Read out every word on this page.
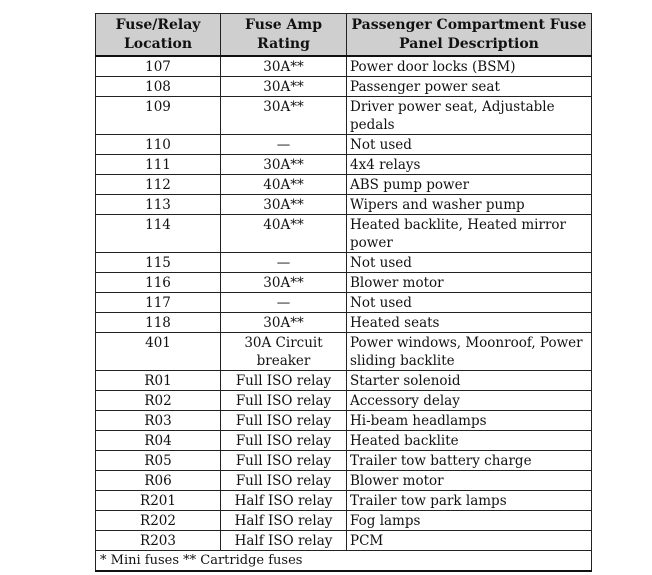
Fuse/Relay Location	Fuse Amp Rating	Passenger Compartment Fuse Panel Description
107	30A**	Power door locks (BSM)
108	30A**	Passenger power seat
109	30A**	Driver power seat, Adjustable pedals
110	—	Not used
111	30A**	4x4 relays
112	40A**	ABS pump power
113	30A**	Wipers and washer pump
114	40A**	Heated backlite, Heated mirror power
115	—	Not used
116	30A**	Blower motor
117	—	Not used
118	30A**	Heated seats
401	30A Circuit breaker	Power windows, Moonroof, Power sliding backlite
R01	Full ISO relay	Starter solenoid
R02	Full ISO relay	Accessory delay
R03	Full ISO relay	Hi-beam headlamps
R04	Full ISO relay	Heated backlite
R05	Full ISO relay	Trailer tow battery charge
R06	Full ISO relay	Blower motor
R201	Half ISO relay	Trailer tow park lamps
R202	Half ISO relay	Fog lamps
R203	Half ISO relay	PCM
* Mini fuses ** Cartridge fuses		
